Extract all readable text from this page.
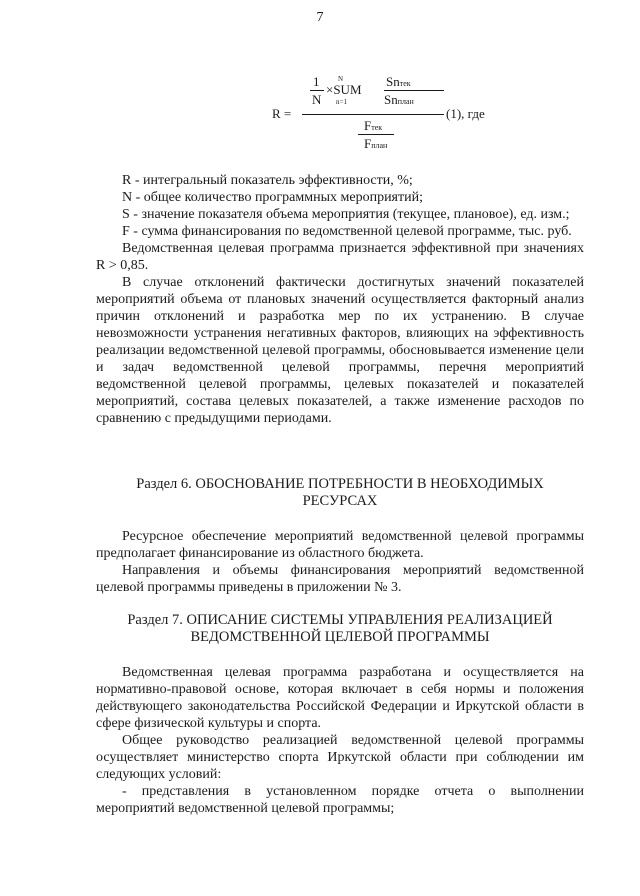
7
R =
1
N
×SUM
N
n=1
Snтек
Snплан
(1), где
Fтек
Fплан

R - интегральный показатель эффективности, %;

N - общее количество программных мероприятий;

S - значение показателя объема мероприятия (текущее, плановое), ед. изм.;

F - сумма финансирования по ведомственной целевой программе, тыс. руб.

Ведомственная целевая программа признается эффективной при значениях R > 0,85.

В случае отклонений фактически достигнутых значений показателей мероприятий объема от плановых значений осуществляется факторный анализ причин отклонений и разработка мер по их устранению. В случае невозможности устранения негативных факторов, влияющих на эффективность реализации ведомственной целевой программы, обосновывается изменение цели и задач ведомственной целевой программы, перечня мероприятий ведомственной целевой программы, целевых показателей и показателей мероприятий, состава целевых показателей, а также изменение расходов по сравнению с предыдущими периодами.

Раздел 6. ОБОСНОВАНИЕ ПОТРЕБНОСТИ В НЕОБХОДИМЫХ
РЕСУРСАХ

Ресурсное обеспечение мероприятий ведомственной целевой программы предполагает финансирование из областного бюджета.

Направления и объемы финансирования мероприятий ведомственной целевой программы приведены в приложении № 3.

Раздел 7. ОПИСАНИЕ СИСТЕМЫ УПРАВЛЕНИЯ РЕАЛИЗАЦИЕЙ
ВЕДОМСТВЕННОЙ ЦЕЛЕВОЙ ПРОГРАММЫ

Ведомственная целевая программа разработана и осуществляется на нормативно-правовой основе, которая включает в себя нормы и положения действующего законодательства Российской Федерации и Иркутской области в сфере физической культуры и спорта.

Общее руководство реализацией ведомственной целевой программы осуществляет министерство спорта Иркутской области при соблюдении им следующих условий:

- представления в установленном порядке отчета о выполнении мероприятий ведомственной целевой программы;
